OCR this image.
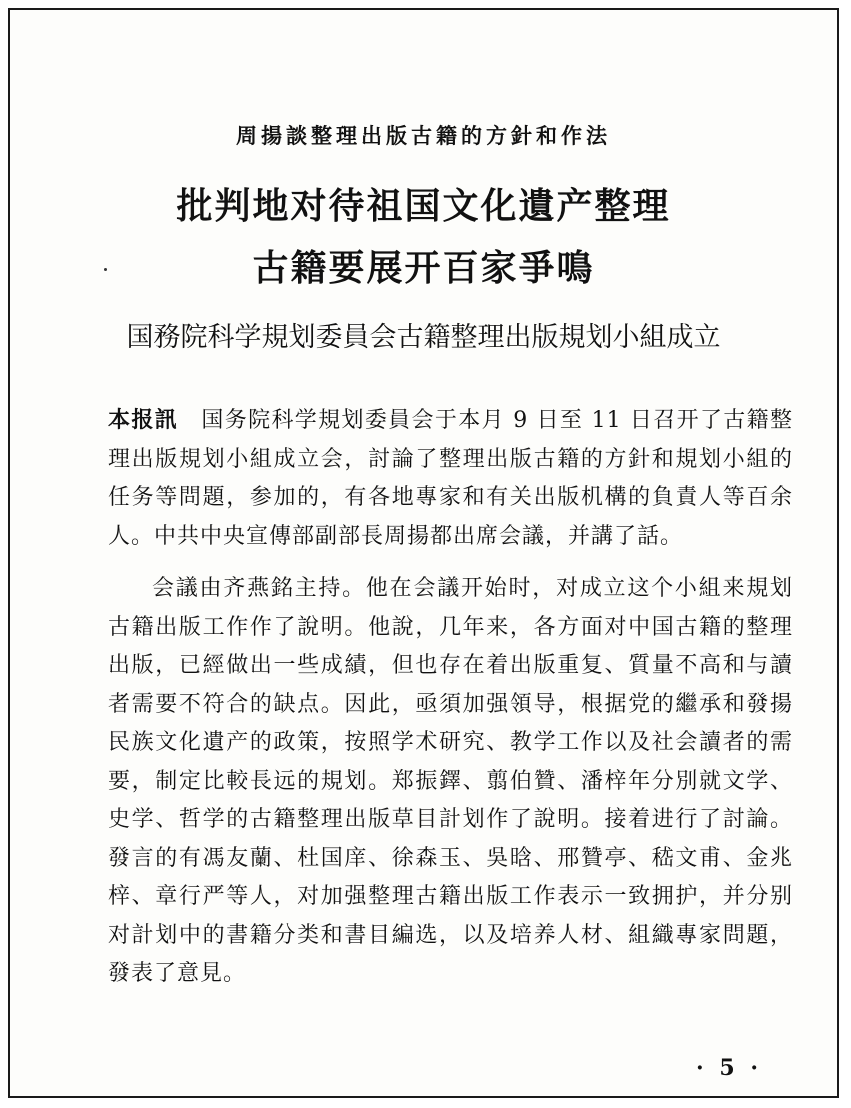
周揚談整理出版古籍的方針和作法
批判地对待祖国文化遺产整理
古籍要展开百家爭鳴
国務院科学規划委員会古籍整理出版規划小組成立

本报訊　 国务院科学規划委員会于本月 9 日至 11 日召开了古籍整理出版規划小組成立会，討論了整理出版古籍的方針和規划小組的任务等問題，参加的，有各地專家和有关出版机構的負責人等百余人。中共中央宣傳部副部長周揚都出席会議，并講了話。

会議由齐燕銘主持。他在会議开始时，对成立这个小組来規划古籍出版工作作了說明。他說，几年来，各方面对中国古籍的整理出版，已經做出一些成績，但也存在着出版重复、質量不高和与讀者需要不符合的缺点。因此，亟須加强領导，根据党的繼承和發揚民族文化遺产的政策，按照学术研究、教学工作以及社会讀者的需要，制定比較長远的規划。郑振鐸、翦伯贊、潘梓年分別就文学、史学、哲学的古籍整理出版草目計划作了說明。接着进行了討論。發言的有馮友蘭、杜国庠、徐森玉、吳晗、邢贊亭、嵇文甫、金兆梓、章行严等人，对加强整理古籍出版工作表示一致拥护，并分别对計划中的書籍分类和書目編选，以及培养人材、組織專家問題，發表了意見。

· 5 ·
